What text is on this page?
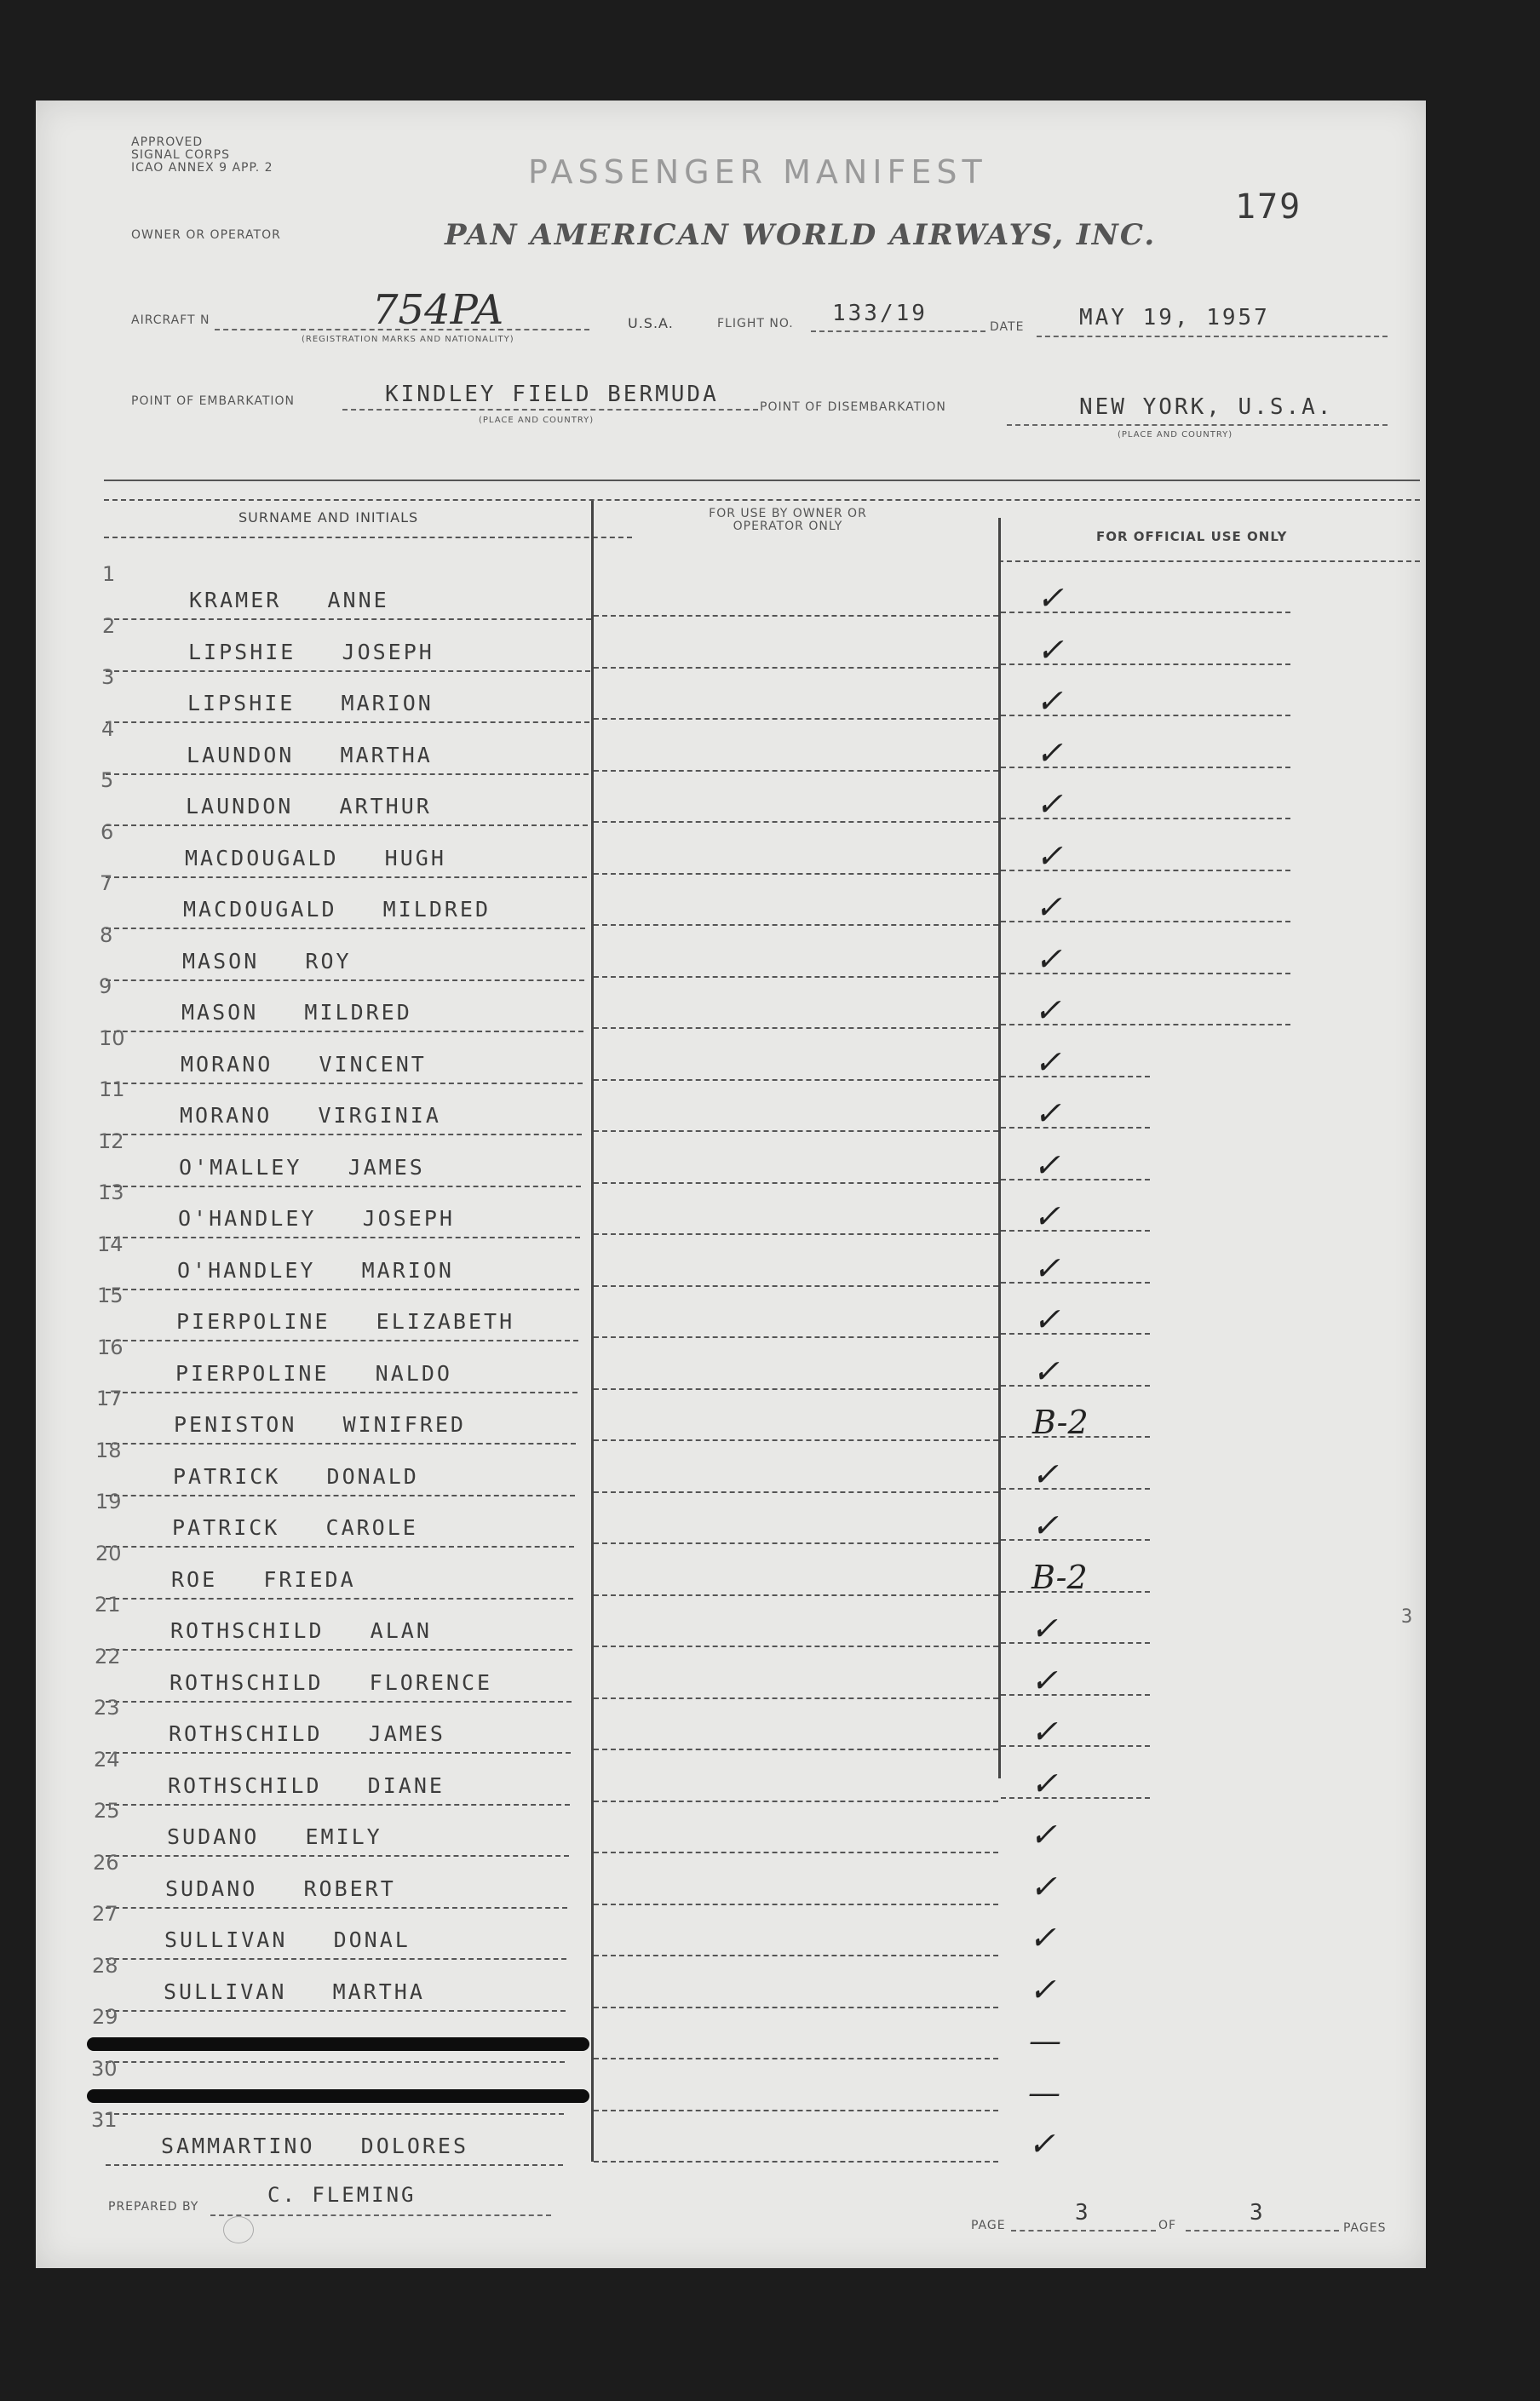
APPROVED
SIGNAL CORPS
ICAO ANNEX 9 APP. 2	PASSENGER MANIFEST
179
OWNER OR OPERATOR	PAN AMERICAN WORLD AIRWAYS, INC.
AIRCRAFT N	754PA
(REGISTRATION MARKS AND NATIONALITY)
U.S.A.	FLIGHT NO. 133/19
DATE MAY 19, 1957
POINT OF EMBARKATION	KINDLEY FIELD BERMUDA
(PLACE AND COUNTRY)
POINT OF DISEMBARKATION	NEW YORK, U.S.A.
(PLACE AND COUNTRY)
SURNAME AND INITIALS	FOR USE BY OWNER OR OPERATOR ONLY
FOR OFFICIAL USE ONLY
1
KRAMER ANNE	✓
2
LIPSHIE JOSEPH	✓
3
LIPSHIE MARION	✓
4
LAUNDON MARTHA	✓
5
LAUNDON ARTHUR	✓
6
MACDOUGALD HUGH	✓
7
MACDOUGALD MILDRED	✓
8
MASON ROY	✓
9
MASON MILDRED	✓
10
MORANO VINCENT	✓
11
MORANO VIRGINIA	✓
12
O'MALLEY JAMES	✓
13
O'HANDLEY JOSEPH	✓
14
O'HANDLEY MARION	✓
15
PIERPOLINE ELIZABETH	✓
16
PIERPOLINE NALDO	✓
17
PENISTON WINIFRED	B-2
18
PATRICK DONALD	✓
19
PATRICK CAROLE	✓
20
ROE FRIEDA	B-2
21
ROTHSCHILD ALAN	✓
22
ROTHSCHILD FLORENCE	✓
23
ROTHSCHILD JAMES	✓
24
ROTHSCHILD DIANE	✓
25
SUDANO EMILY	✓
26
SUDANO ROBERT	✓
27
SULLIVAN DONAL	✓
28
SULLIVAN MARTHA	✓
29

—
30

—
31
SAMMARTINO DOLORES	✓
PREPARED BY	C. FLEMING
PAGE	3	OF	3
PAGES
3
